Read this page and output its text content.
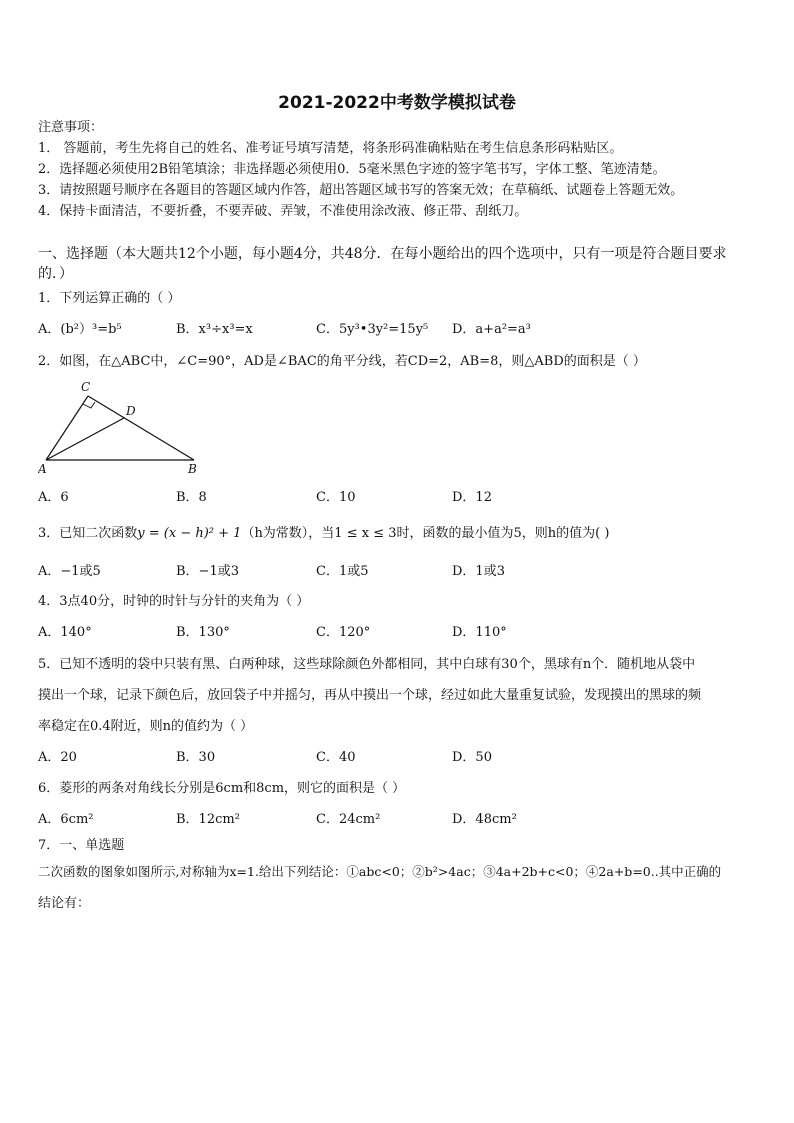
2021-2022中考数学模拟试卷
注意事项：
1． 答题前，考生先将自己的姓名、准考证号填写清楚，将条形码准确粘贴在考生信息条形码粘贴区。
2．选择题必须使用2B铅笔填涂；非选择题必须使用0．5毫米黑色字迹的签字笔书写，字体工整、笔迹清楚。
3．请按照题号顺序在各题目的答题区域内作答，超出答题区域书写的答案无效；在草稿纸、试题卷上答题无效。
4．保持卡面清洁，不要折叠，不要弄破、弄皱，不准使用涂改液、修正带、刮纸刀。
一、选择题（本大题共12个小题，每小题4分，共48分．在每小题给出的四个选项中，只有一项是符合题目要求
的．）
1．下列运算正确的（ ）
A．(b²）³=b⁵	B．x³÷x³=x	C．5y³•3y²=15y⁵ D．a+a²=a³
2．如图，在△ABC中，∠C=90°，AD是∠BAC的角平分线，若CD=2，AB=8，则△ABD的面积是（ ）
C
D
A	B
A．6	B．8	C．10	D．12
3．已知二次函数y = (x − h)² + 1（h为常数），当1 ≤ x ≤ 3时，函数的最小值为5，则h的值为( )
A．−1或5	B．−1或3	C．1或5	D．1或3
4．3点40分，时钟的时针与分针的夹角为（ ）
A．140°	B．130°	C．120°	D．110°
5．已知不透明的袋中只装有黑、白两种球，这些球除颜色外都相同，其中白球有30个，黑球有n个．随机地从袋中
摸出一个球，记录下颜色后，放回袋子中并摇匀，再从中摸出一个球，经过如此大量重复试验，发现摸出的黑球的频
率稳定在0.4附近，则n的值约为（ ）
A．20	B．30	C．40	D．50
6．菱形的两条对角线长分别是6cm和8cm，则它的面积是（ ）
A．6cm²	B．12cm²	C．24cm²	D．48cm²
7．一、单选题
二次函数的图象如图所示,对称轴为x=1.给出下列结论：①abc<0；②b²>4ac；③4a+2b+c<0；④2a+b=0..其中正确的
结论有：
